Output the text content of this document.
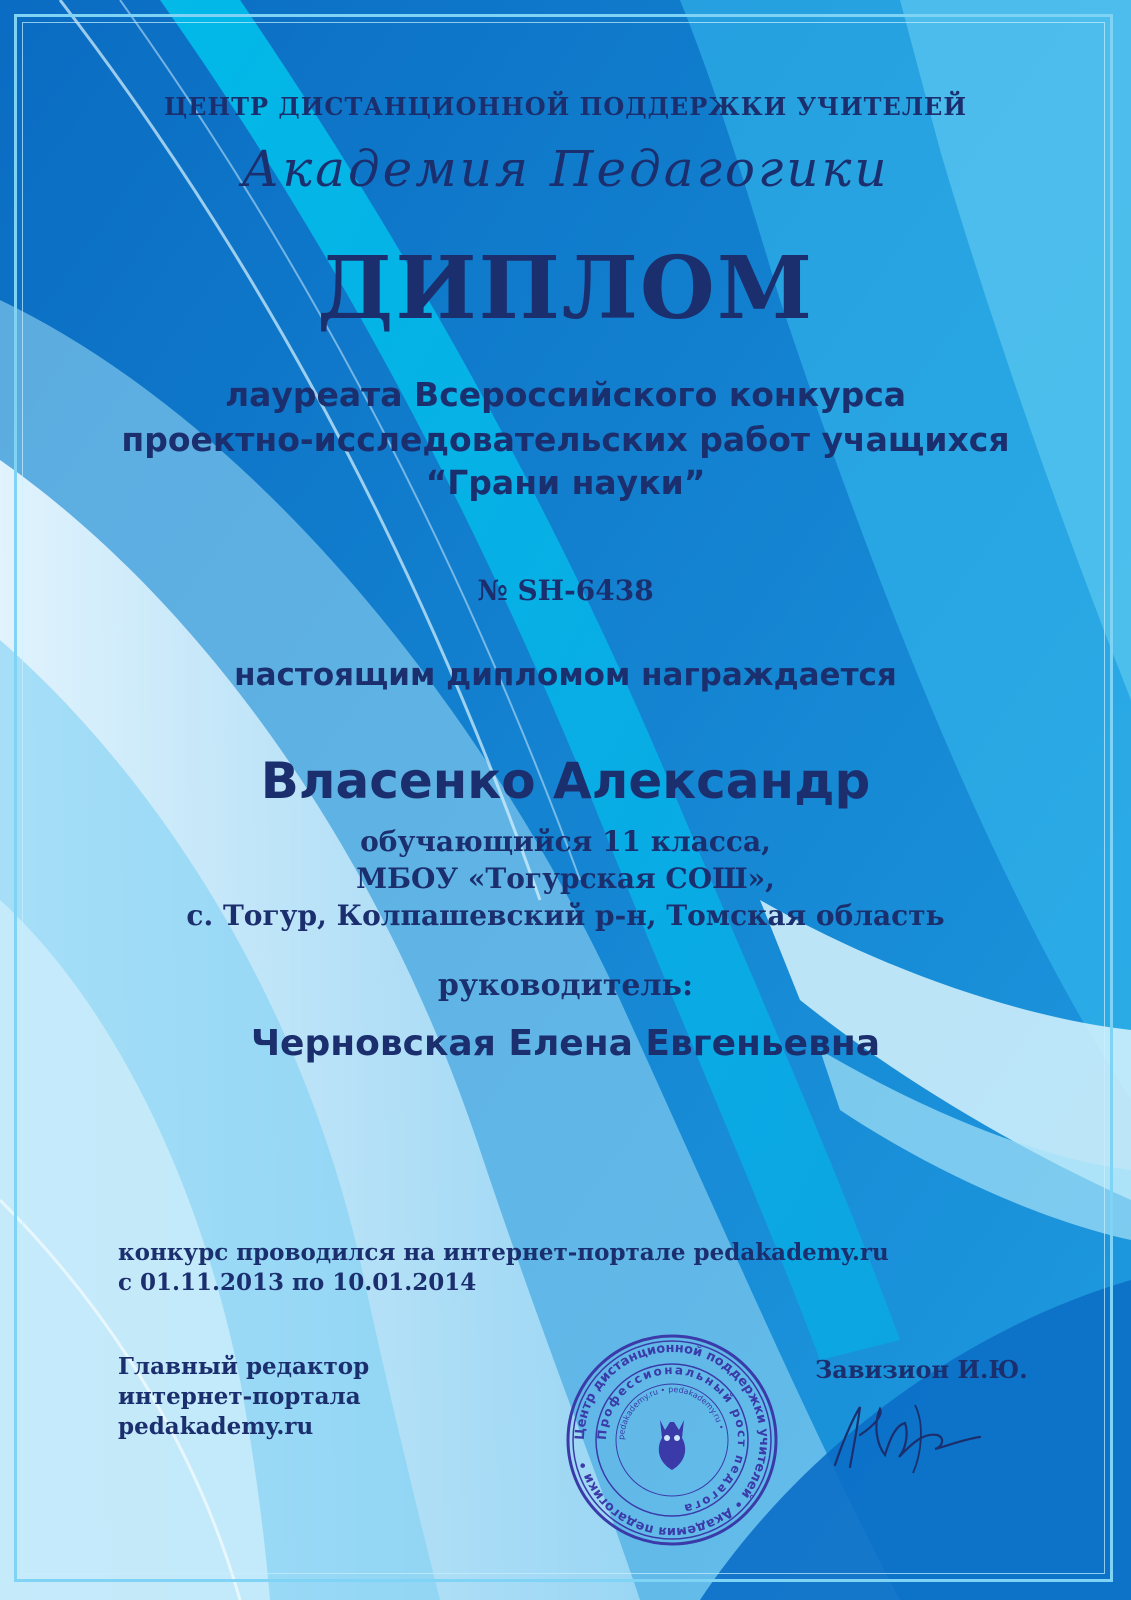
ЦЕНТР ДИСТАНЦИОННОЙ ПОДДЕРЖКИ УЧИТЕЛЕЙ
Академия Педагогики
ДИПЛОМ
лауреата Всероссийского конкурса
проектно-исследовательских работ учащихся
“Грани науки”
№ SH-6438
настоящим дипломом награждается
Власенко Александр
обучающийся 11 класса,
МБОУ «Тогурская СОШ»,
с. Тогур, Колпашевский р-н, Томская область
руководитель:
Черновская Елена Евгеньевна
конкурс проводился на интернет-портале pedakademy.ru
с 01.11.2013 по 10.01.2014
Главный редактор
интернет-портала
pedakademy.ru
Завизион И.Ю.
Центр дистанционной поддержки учителей • Академия педагогики •
Профессиональный рост педагога
pedakademy.ru • pedakademy.ru •
